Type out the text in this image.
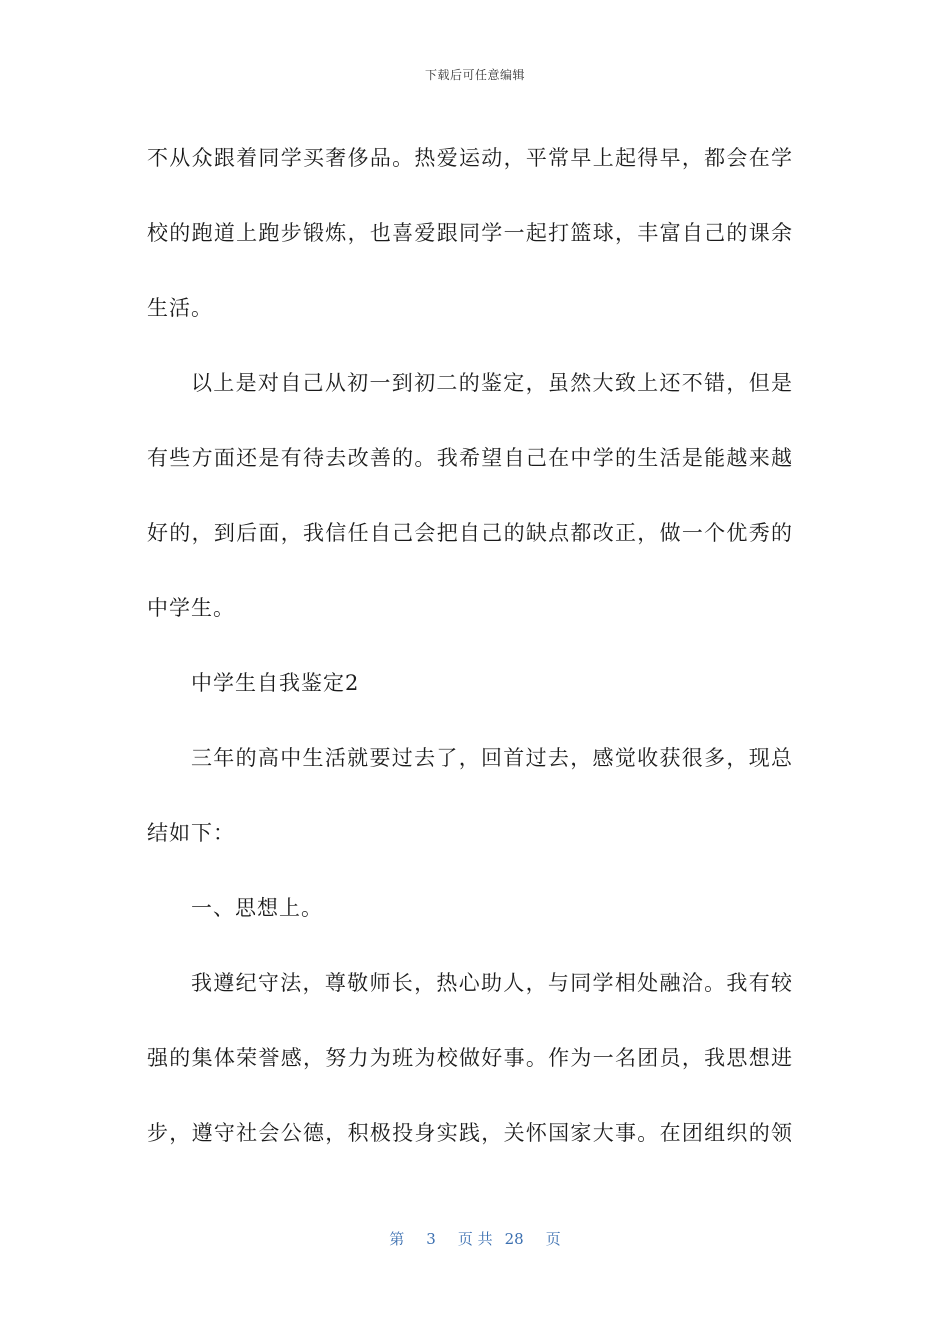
下载后可任意编辑
不从众跟着同学买奢侈品。热爱运动，平常早上起得早，都会在学
校的跑道上跑步锻炼，也喜爱跟同学一起打篮球，丰富自己的课余
生活。
以上是对自己从初一到初二的鉴定，虽然大致上还不错，但是
有些方面还是有待去改善的。我希望自己在中学的生活是能越来越
好的，到后面，我信任自己会把自己的缺点都改正，做一个优秀的
中学生。
中学生自我鉴定2
三年的高中生活就要过去了，回首过去，感觉收获很多，现总
结如下：
一、思想上。
我遵纪守法，尊敬师长，热心助人，与同学相处融洽。我有较
强的集体荣誉感，努力为班为校做好事。作为一名团员，我思想进
步，遵守社会公德，积极投身实践，关怀国家大事。在团组织的领
第 3 页 共 28 页
